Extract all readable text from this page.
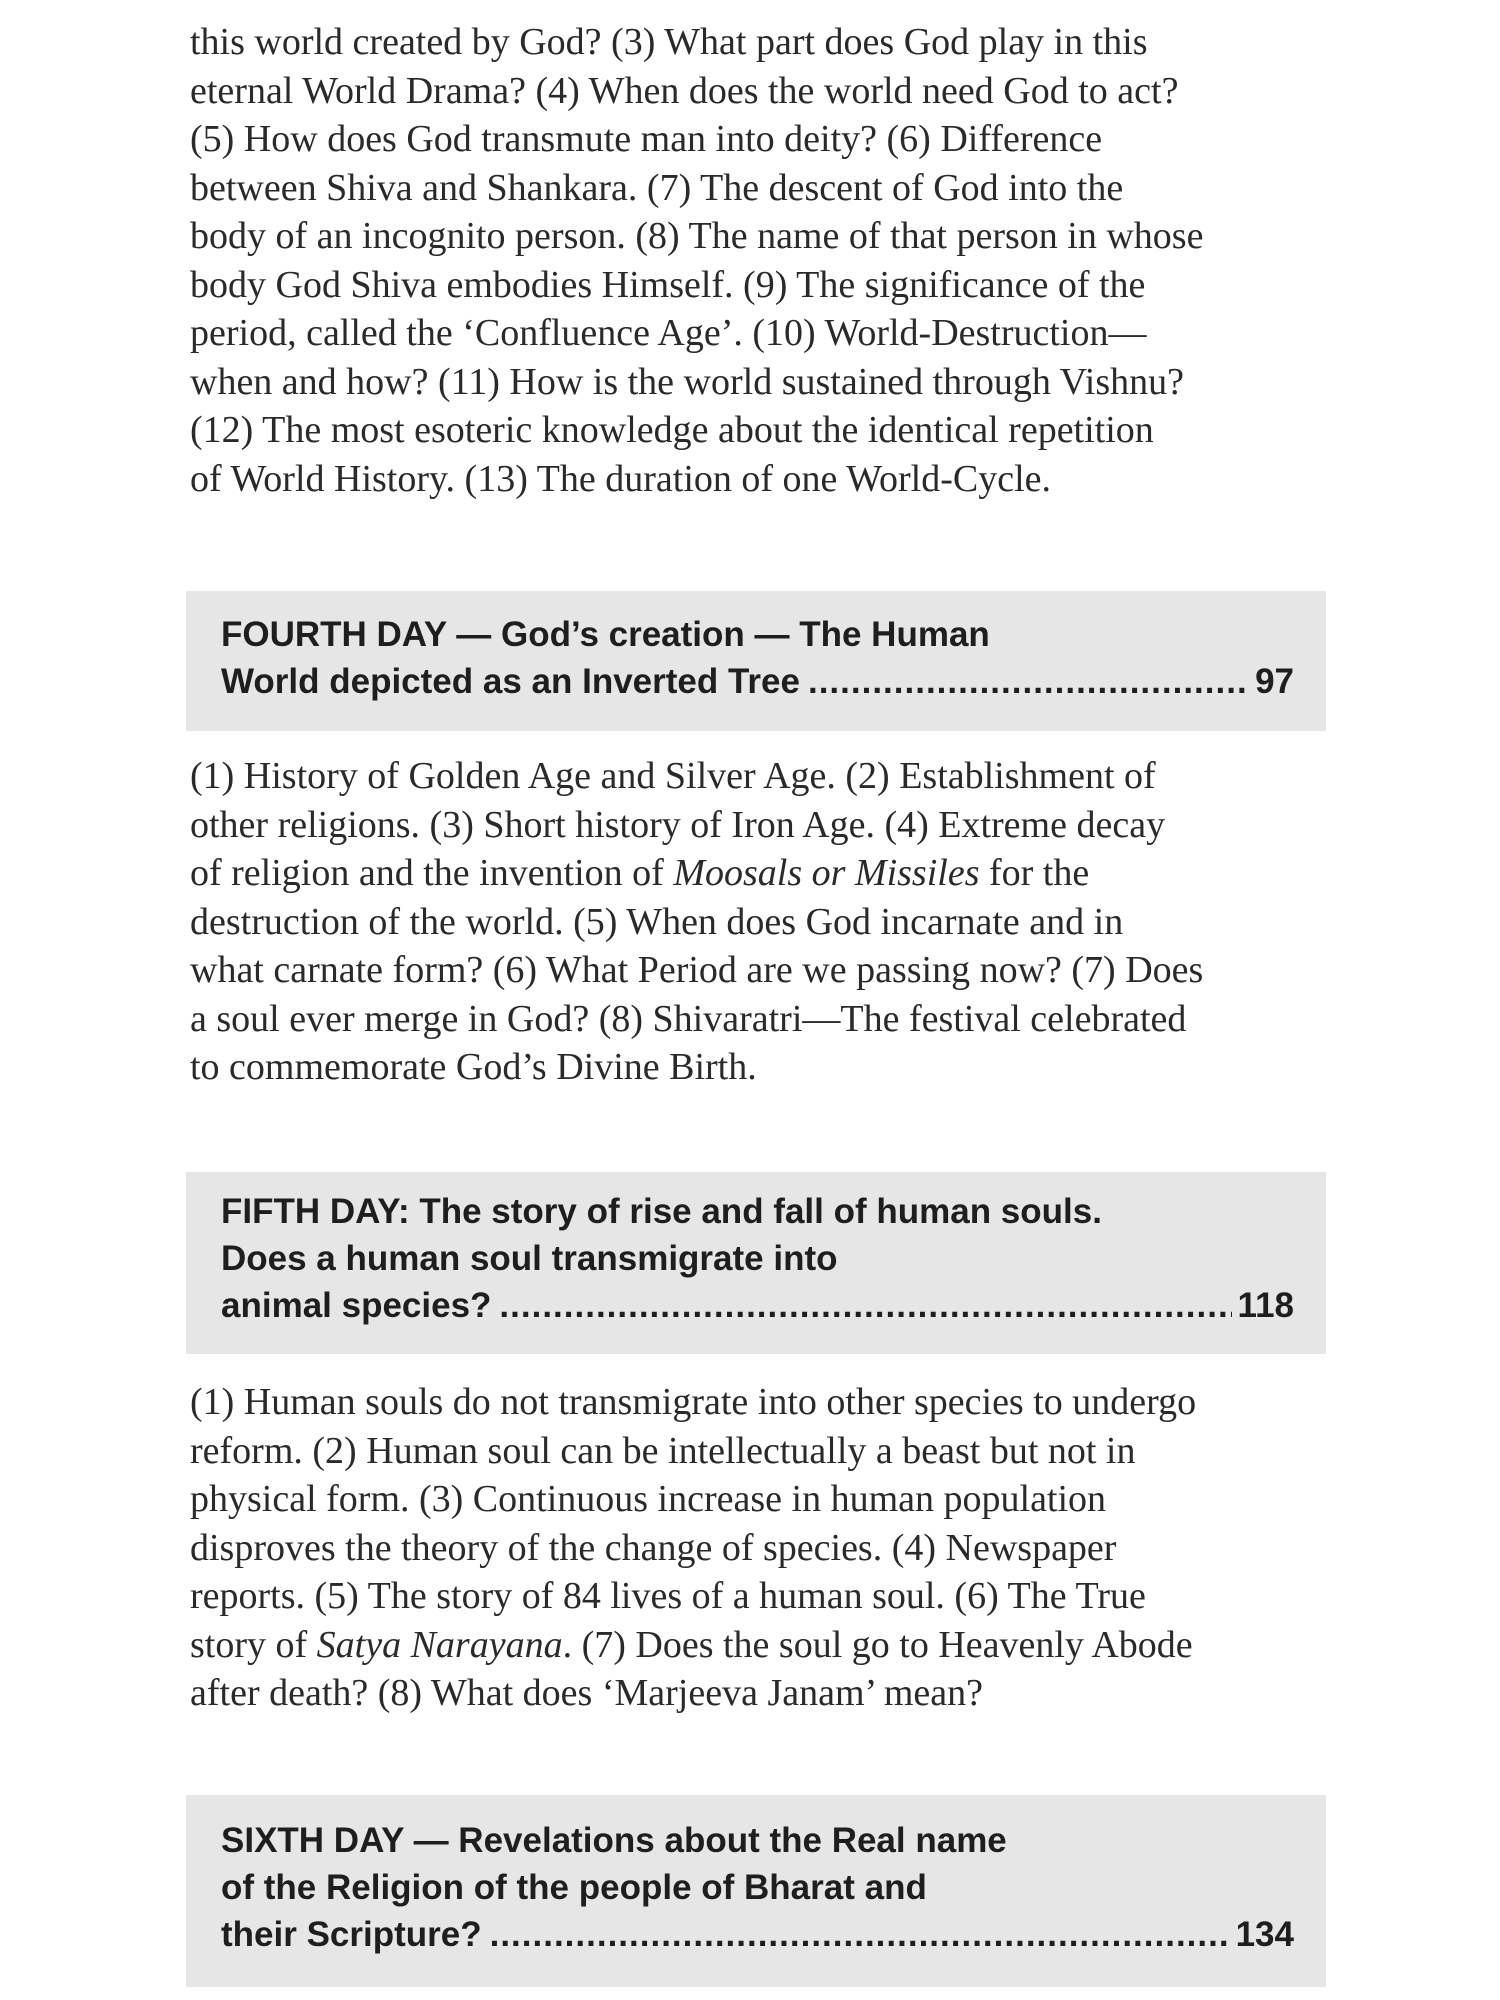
this world created by God? (3) What part does God play in this
eternal World Drama? (4) When does the world need God to act?
(5) How does God transmute man into deity? (6) Difference
between Shiva and Shankara. (7) The descent of God into the
body of an incognito person. (8) The name of that person in whose
body God Shiva embodies Himself. (9) The significance of the
period, called the ‘Confluence Age’. (10) World-Destruction—
when and how? (11) How is the world sustained through Vishnu?
(12) The most esoteric knowledge about the identical repetition
of World History. (13) The duration of one World-Cycle.

FOURTH DAY — God’s creation — The Human
World depicted as an Inverted Tree .....	97

(1) History of Golden Age and Silver Age. (2) Establishment of
other religions. (3) Short history of Iron Age. (4) Extreme decay
of religion and the invention of Moosals or Missiles for the
destruction of the world. (5) When does God incarnate and in
what carnate form? (6) What Period are we passing now? (7) Does
a soul ever merge in God? (8) Shivaratri—The festival celebrated
to commemorate God’s Divine Birth.

FIFTH DAY: The story of rise and fall of human souls.
Does a human soul transmigrate into
animal species? .....	118

(1) Human souls do not transmigrate into other species to undergo
reform. (2) Human soul can be intellectually a beast but not in
physical form. (3) Continuous increase in human population
disproves the theory of the change of species. (4) Newspaper
reports. (5) The story of 84 lives of a human soul. (6) The True
story of Satya Narayana. (7) Does the soul go to Heavenly Abode
after death? (8) What does ‘Marjeeva Janam’ mean?

SIXTH DAY — Revelations about the Real name
of the Religion of the people of Bharat and
their Scripture? .....	134
